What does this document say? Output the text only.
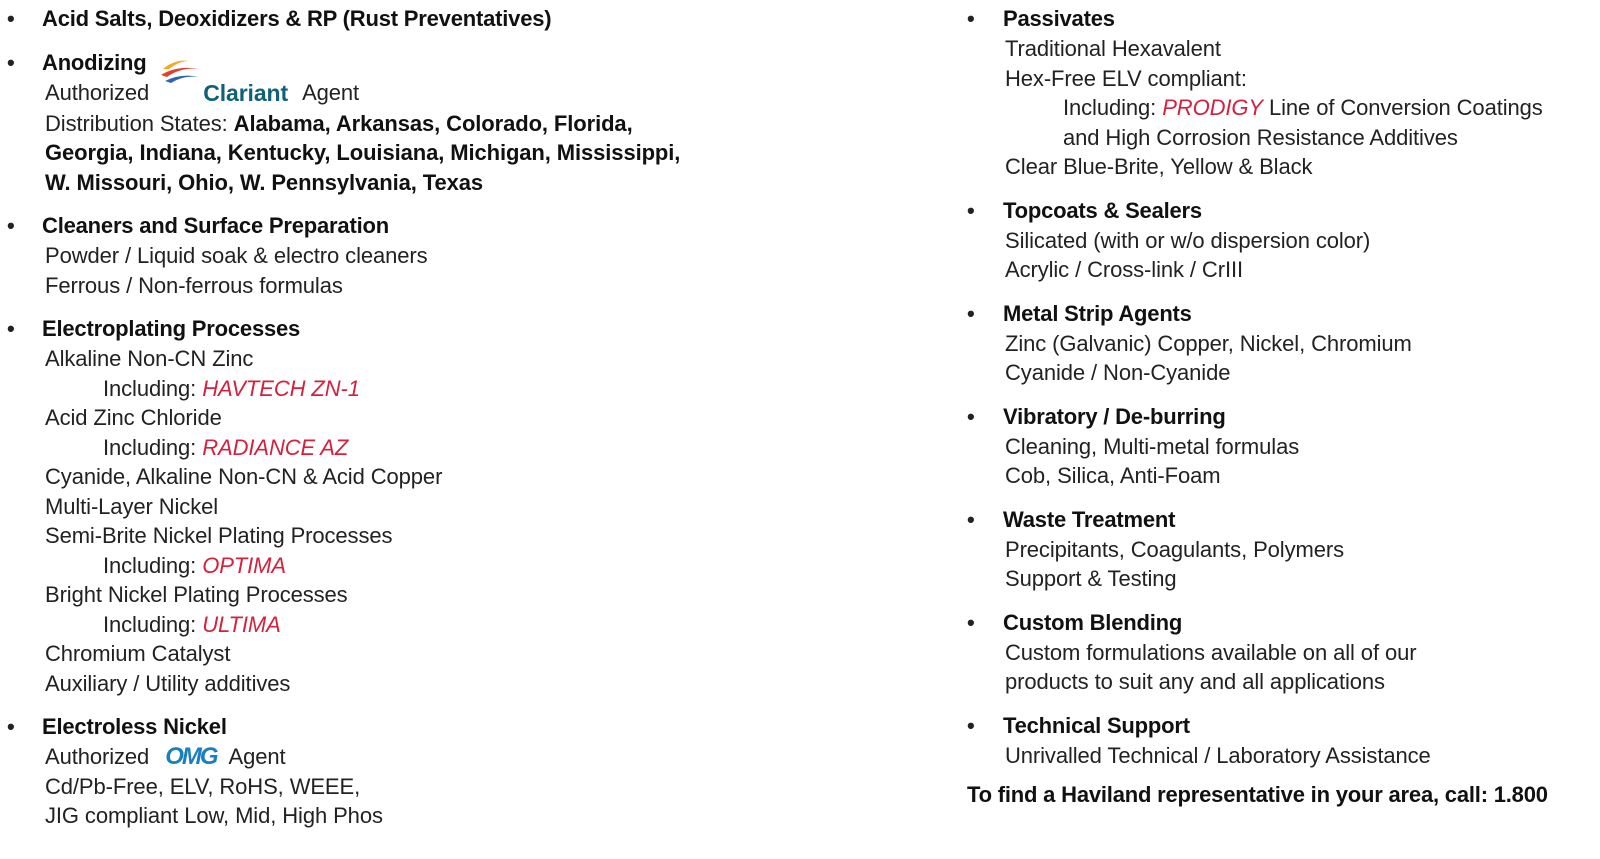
• Acid Salts, Deoxidizers & RP (Rust Preventatives)
• Anodizing
Authorized Clariant Agent
Distribution States: Alabama, Arkansas, Colorado, Florida,
Georgia, Indiana, Kentucky, Louisiana, Michigan, Mississippi,
W. Missouri, Ohio, W. Pennsylvania, Texas
• Cleaners and Surface Preparation
Powder / Liquid soak & electro cleaners
Ferrous / Non-ferrous formulas
• Electroplating Processes
Alkaline Non-CN Zinc
Including: HAVTECH ZN-1
Acid Zinc Chloride
Including: RADIANCE AZ
Cyanide, Alkaline Non-CN & Acid Copper
Multi-Layer Nickel
Semi-Brite Nickel Plating Processes
Including: OPTIMA
Bright Nickel Plating Processes
Including: ULTIMA
Chromium Catalyst
Auxiliary / Utility additives
• Electroless Nickel
Authorized OMG Agent
Cd/Pb-Free, ELV, RoHS, WEEE,
JIG compliant Low, Mid, High Phos
• Passivates
Traditional Hexavalent
Hex-Free ELV compliant:
Including: PRODIGY Line of Conversion Coatings
and High Corrosion Resistance Additives
Clear Blue-Brite, Yellow & Black
• Topcoats & Sealers
Silicated (with or w/o dispersion color)
Acrylic / Cross-link / CrIII
• Metal Strip Agents
Zinc (Galvanic) Copper, Nickel, Chromium
Cyanide / Non-Cyanide
• Vibratory / De-burring
Cleaning, Multi-metal formulas
Cob, Silica, Anti-Foam
• Waste Treatment
Precipitants, Coagulants, Polymers
Support & Testing
• Custom Blending
Custom formulations available on all of our
products to suit any and all applications
• Technical Support
Unrivalled Technical / Laboratory Assistance
To find a Haviland representative in your area, call: 1.800
